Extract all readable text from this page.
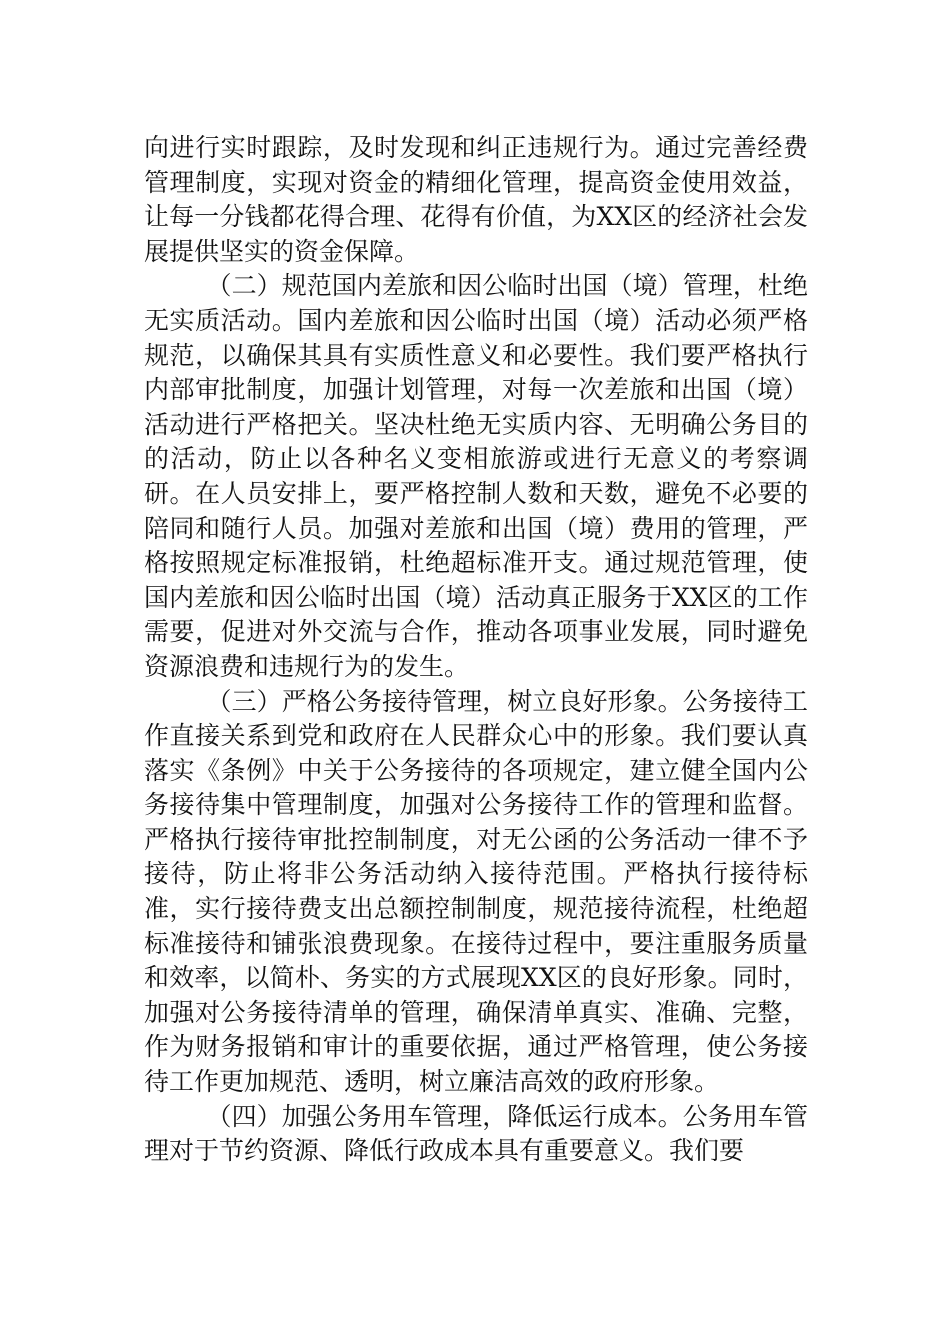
向进行实时跟踪，及时发现和纠正违规行为。通过完善经费管理制度，实现对资金的精细化管理，提高资金使用效益，让每一分钱都花得合理、花得有价值，为XX区的经济社会发展提供坚实的资金保障。

（二）规范国内差旅和因公临时出国（境）管理，杜绝无实质活动。国内差旅和因公临时出国（境）活动必须严格规范，以确保其具有实质性意义和必要性。我们要严格执行内部审批制度，加强计划管理，对每一次差旅和出国（境）活动进行严格把关。坚决杜绝无实质内容、无明确公务目的的活动，防止以各种名义变相旅游或进行无意义的考察调研。在人员安排上，要严格控制人数和天数，避免不必要的陪同和随行人员。加强对差旅和出国（境）费用的管理，严格按照规定标准报销，杜绝超标准开支。通过规范管理，使国内差旅和因公临时出国（境）活动真正服务于XX区的工作需要，促进对外交流与合作，推动各项事业发展，同时避免资源浪费和违规行为的发生。

（三）严格公务接待管理，树立良好形象。公务接待工作直接关系到党和政府在人民群众心中的形象。我们要认真落实《条例》中关于公务接待的各项规定，建立健全国内公务接待集中管理制度，加强对公务接待工作的管理和监督。严格执行接待审批控制制度，对无公函的公务活动一律不予接待，防止将非公务活动纳入接待范围。严格执行接待标准，实行接待费支出总额控制制度，规范接待流程，杜绝超标准接待和铺张浪费现象。在接待过程中，要注重服务质量和效率，以简朴、务实的方式展现XX区的良好形象。同时，加强对公务接待清单的管理，确保清单真实、准确、完整，作为财务报销和审计的重要依据，通过严格管理，使公务接待工作更加规范、透明，树立廉洁高效的政府形象。

（四）加强公务用车管理，降低运行成本。公务用车管理对于节约资源、降低行政成本具有重要意义。我们要
